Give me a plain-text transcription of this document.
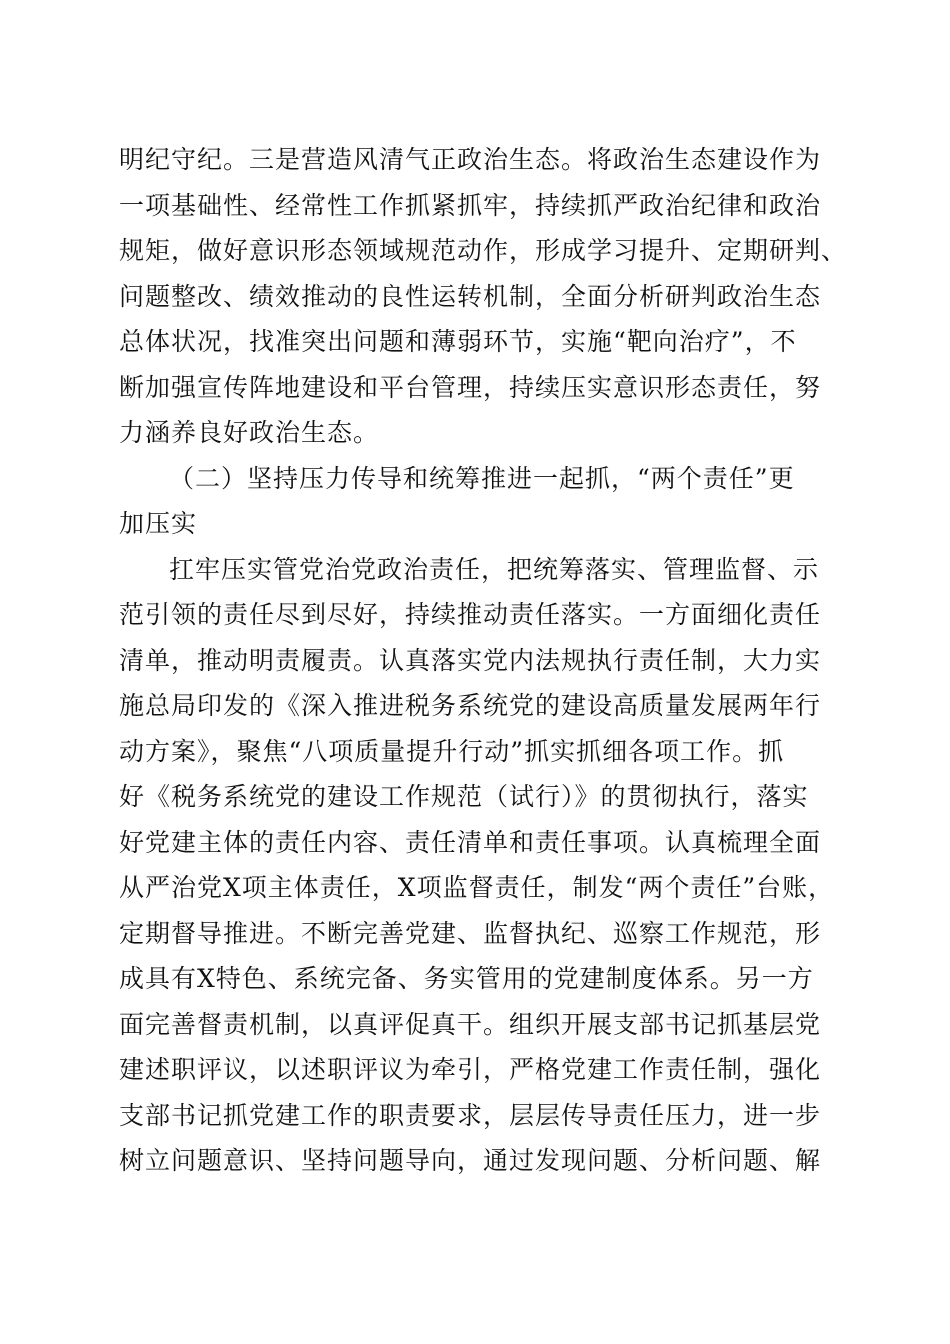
明纪守纪。三是营造风清气正政治生态。将政治生态建设作为
一项基础性、经常性工作抓紧抓牢，持续抓严政治纪律和政治
规矩，做好意识形态领域规范动作，形成学习提升、定期研判、
问题整改、绩效推动的良性运转机制，全面分析研判政治生态
总体状况，找准突出问题和薄弱环节，实施“靶向治疗”，不
断加强宣传阵地建设和平台管理，持续压实意识形态责任，努
力涵养良好政治生态。
（二）坚持压力传导和统筹推进一起抓，“两个责任”更
加压实
扛牢压实管党治党政治责任，把统筹落实、管理监督、示
范引领的责任尽到尽好，持续推动责任落实。一方面细化责任
清单，推动明责履责。认真落实党内法规执行责任制，大力实
施总局印发的《深入推进税务系统党的建设高质量发展两年行
动方案》，聚焦“八项质量提升行动”抓实抓细各项工作。抓
好《税务系统党的建设工作规范（试行）》的贯彻执行，落实
好党建主体的责任内容、责任清单和责任事项。认真梳理全面
从严治党X项主体责任，X项监督责任，制发“两个责任”台账，
定期督导推进。不断完善党建、监督执纪、巡察工作规范，形
成具有X特色、系统完备、务实管用的党建制度体系。另一方
面完善督责机制，以真评促真干。组织开展支部书记抓基层党
建述职评议，以述职评议为牵引，严格党建工作责任制，强化
支部书记抓党建工作的职责要求，层层传导责任压力，进一步
树立问题意识、坚持问题导向，通过发现问题、分析问题、解
